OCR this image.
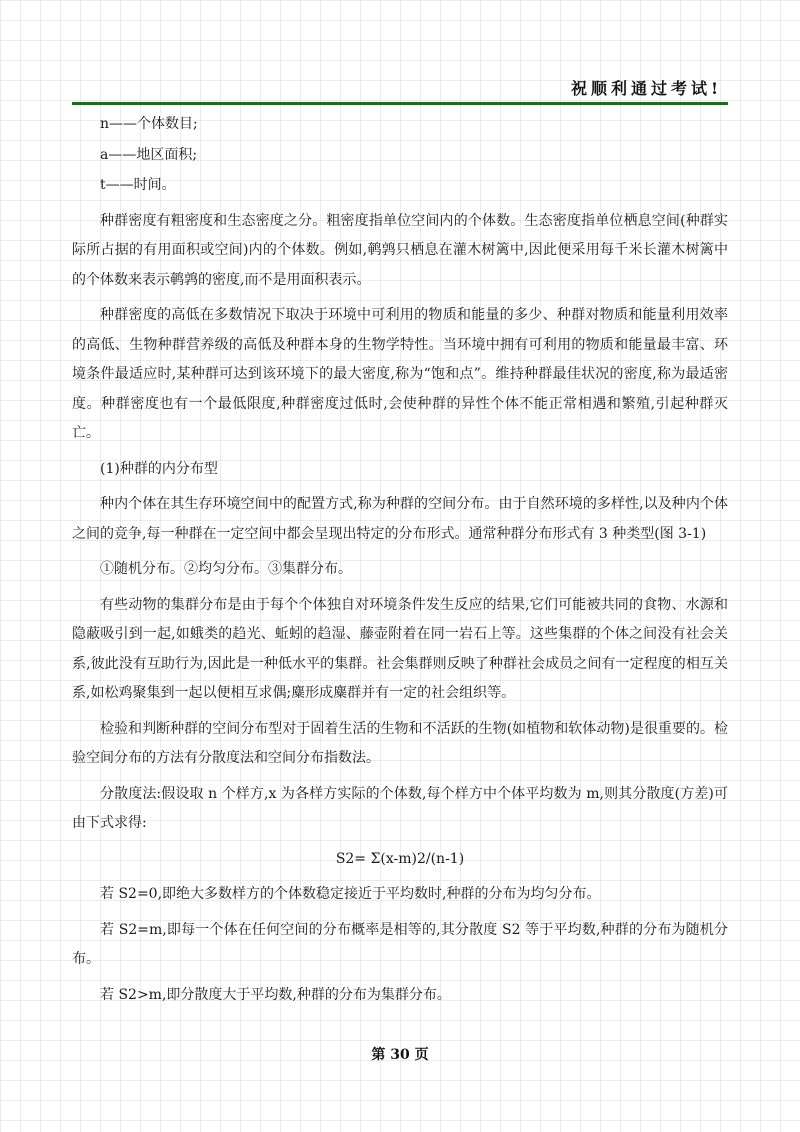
祝顺利通过考试!

n——个体数目;

a——地区面积;

t——时间。

种群密度有粗密度和生态密度之分。粗密度指单位空间内的个体数。生态密度指单位栖息空间(种群实际所占据的有用面积或空间)内的个体数。例如,鹌鹑只栖息在灌木树篱中,因此便采用每千米长灌木树篱中的个体数来表示鹌鹑的密度,而不是用面积表示。

种群密度的高低在多数情况下取决于环境中可利用的物质和能量的多少、种群对物质和能量利用效率的高低、生物种群营养级的高低及种群本身的生物学特性。当环境中拥有可利用的物质和能量最丰富、环境条件最适应时,某种群可达到该环境下的最大密度,称为“饱和点”。维持种群最佳状况的密度,称为最适密度。种群密度也有一个最低限度,种群密度过低时,会使种群的异性个体不能正常相遇和繁殖,引起种群灭亡。

(1)种群的内分布型

种内个体在其生存环境空间中的配置方式,称为种群的空间分布。由于自然环境的多样性,以及种内个体之间的竞争,每一种群在一定空间中都会呈现出特定的分布形式。通常种群分布形式有 3 种类型(图 3-1)

①随机分布。②均匀分布。③集群分布。

有些动物的集群分布是由于每个个体独自对环境条件发生反应的结果,它们可能被共同的食物、水源和隐蔽吸引到一起,如蛾类的趋光、蚯蚓的趋湿、藤壶附着在同一岩石上等。这些集群的个体之间没有社会关系,彼此没有互助行为,因此是一种低水平的集群。社会集群则反映了种群社会成员之间有一定程度的相互关系,如松鸡聚集到一起以便相互求偶;麋形成麋群并有一定的社会组织等。

检验和判断种群的空间分布型对于固着生活的生物和不活跃的生物(如植物和软体动物)是很重要的。检验空间分布的方法有分散度法和空间分布指数法。

分散度法:假设取 n 个样方,x 为各样方实际的个体数,每个样方中个体平均数为 m,则其分散度(方差)可由下式求得:

S2= Σ(x-m)2/(n-1)

若 S2=0,即绝大多数样方的个体数稳定接近于平均数时,种群的分布为均匀分布。

若 S2=m,即每一个体在任何空间的分布概率是相等的,其分散度 S2 等于平均数,种群的分布为随机分布。

若 S2>m,即分散度大于平均数,种群的分布为集群分布。

第 30 页
